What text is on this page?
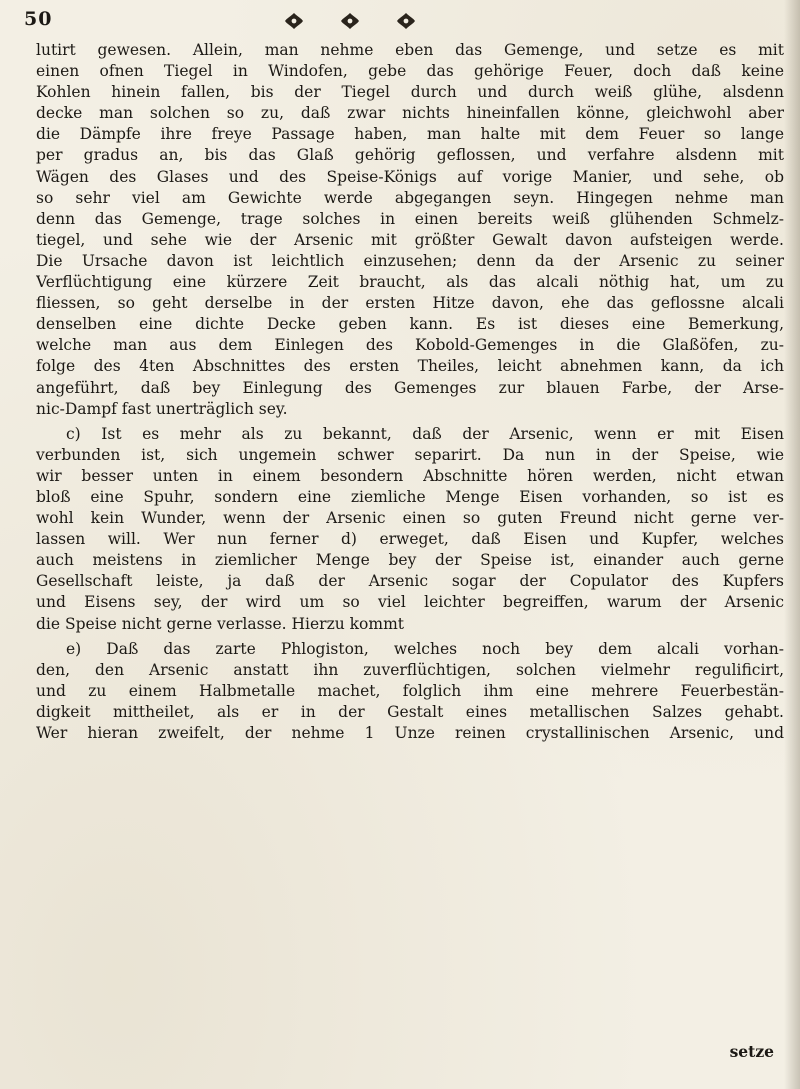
50

lutirt gewesen. Allein, man nehme eben das Gemenge, und setze es mit
einen ofnen Tiegel in Windofen, gebe das gehörige Feuer, doch daß keine
Kohlen hinein fallen, bis der Tiegel durch und durch weiß glühe, alsdenn
decke man solchen so zu, daß zwar nichts hineinfallen könne, gleichwohl aber
die Dämpfe ihre freye Passage haben, man halte mit dem Feuer so lange
per gradus an, bis das Glaß gehörig geflossen, und verfahre alsdenn mit
Wägen des Glases und des Speise-Königs auf vorige Manier, und sehe, ob
so sehr viel am Gewichte werde abgegangen seyn. Hingegen nehme man
denn das Gemenge, trage solches in einen bereits weiß glühenden Schmelz-
tiegel, und sehe wie der Arsenic mit größter Gewalt davon aufsteigen werde.
Die Ursache davon ist leichtlich einzusehen; denn da der Arsenic zu seiner
Verflüchtigung eine kürzere Zeit braucht, als das alcali nöthig hat, um zu
fliessen, so geht derselbe in der ersten Hitze davon, ehe das geflossne alcali
denselben eine dichte Decke geben kann. Es ist dieses eine Bemerkung,
welche man aus dem Einlegen des Kobold-Gemenges in die Glaßöfen, zu-
folge des 4ten Abschnittes des ersten Theiles, leicht abnehmen kann, da ich
angeführt, daß bey Einlegung des Gemenges zur blauen Farbe, der Arse-
nic-Dampf fast unerträglich sey.

c) Ist es mehr als zu bekannt, daß der Arsenic, wenn er mit Eisen

verbunden ist, sich ungemein schwer separirt. Da nun in der Speise, wie
wir besser unten in einem besondern Abschnitte hören werden, nicht etwan
bloß eine Spuhr, sondern eine ziemliche Menge Eisen vorhanden, so ist es
wohl kein Wunder, wenn der Arsenic einen so guten Freund nicht gerne ver-
lassen will. Wer nun ferner d) erweget, daß Eisen und Kupfer, welches
auch meistens in ziemlicher Menge bey der Speise ist, einander auch gerne
Gesellschaft leiste, ja daß der Arsenic sogar der Copulator des Kupfers
und Eisens sey, der wird um so viel leichter begreiffen, warum der Arsenic
die Speise nicht gerne verlasse. Hierzu kommt

e) Daß das zarte Phlogiston, welches noch bey dem alcali vorhan-

den, den Arsenic anstatt ihn zuverflüchtigen, solchen vielmehr regulificirt,
und zu einem Halbmetalle machet, folglich ihm eine mehrere Feuerbestän-
digkeit mittheilet, als er in der Gestalt eines metallischen Salzes gehabt.
Wer hieran zweifelt, der nehme 1 Unze reinen crystallinischen Arsenic, und

setze
